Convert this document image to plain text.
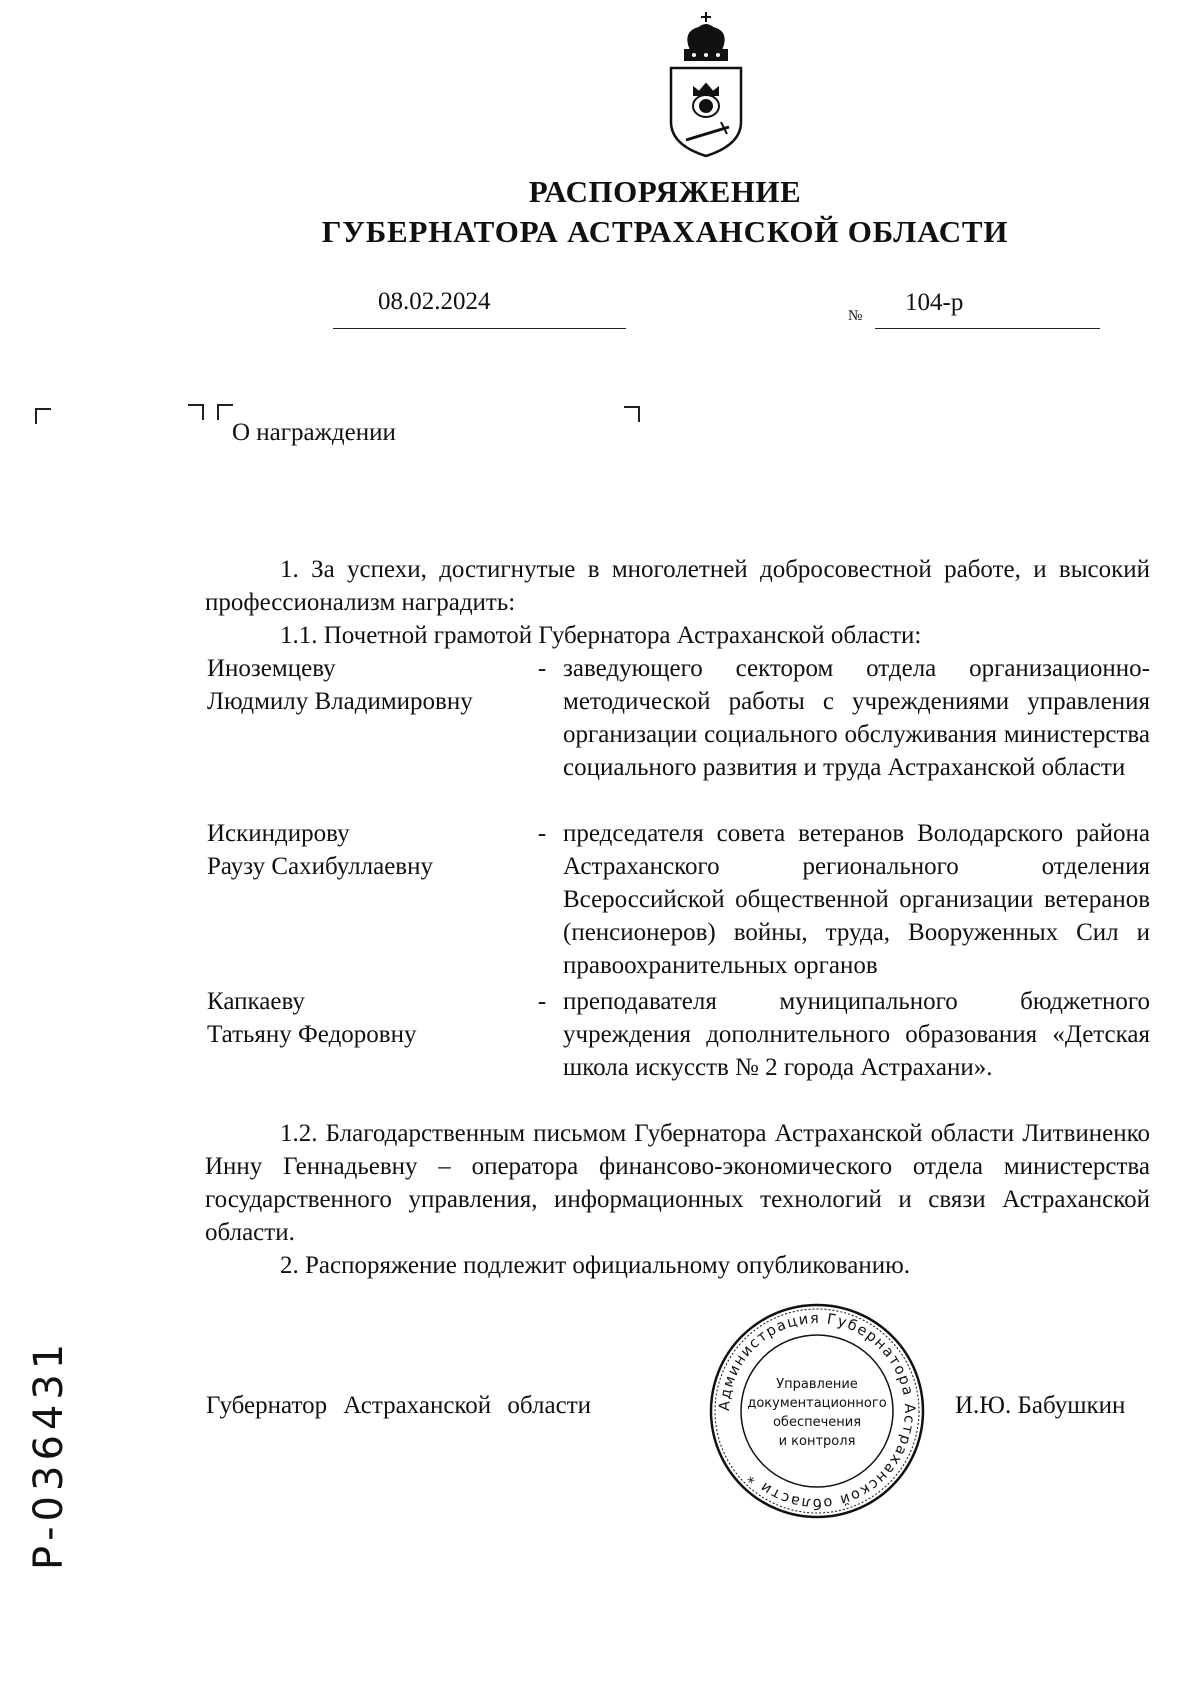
РАСПОРЯЖЕНИЕ
ГУБЕРНАТОРА АСТРАХАНСКОЙ ОБЛАСТИ
08.02.2024
№ 104-р
О награждении
1. За успехи, достигнутые в многолетней добросовестной работе, и высокий профессионализм наградить:
1.1. Почетной грамотой Губернатора Астраханской области:
Иноземцеву
Людмилу Владимировну
- заведующего сектором отдела организационно-методической работы с учреждениями управления организации социального обслуживания министерства социального развития и труда Астраханской области
Искиндирову
Раузу Сахибуллаевну
- председателя совета ветеранов Володарского района Астраханского регионального отделения Всероссийской общественной организации ветеранов (пенсионеров) войны, труда, Вооруженных Сил и правоохранительных органов
Капкаеву
Татьяну Федоровну
- преподавателя муниципального бюджетного учреждения дополнительного образования «Детская школа искусств № 2 города Астрахани».
1.2. Благодарственным письмом Губернатора Астраханской области Литвиненко Инну Геннадьевну – оператора финансово-экономического отдела министерства государственного управления, информационных технологий и связи Астраханской области.
2. Распоряжение подлежит официальному опубликованию.
Губернатор Астраханской области	И.Ю. Бабушкин
Администрация Губернатора Астраханской области *
Управление
документационного
обеспечения
и контроля
Р-036431
